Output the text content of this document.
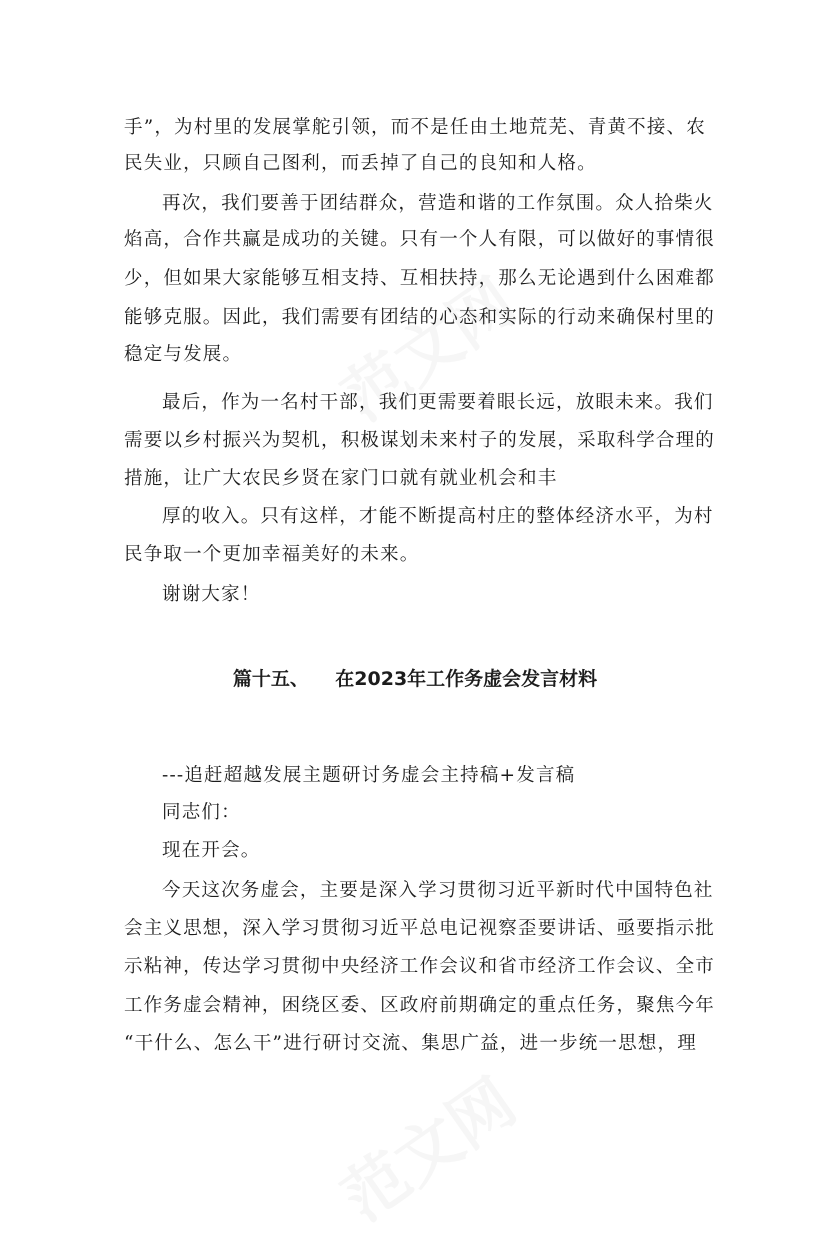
手”，为村里的发展掌舵引领，而不是任由土地荒芜、青黄不接、农
民失业，只顾自己图利，而丢掉了自己的良知和人格。
再次，我们要善于团结群众，营造和谐的工作氛围。众人拾柴火
焰高，合作共赢是成功的关键。只有一个人有限，可以做好的事情很
少，但如果大家能够互相支持、互相扶持，那么无论遇到什么困难都
能够克服。因此，我们需要有团结的心态和实际的行动来确保村里的
稳定与发展。
最后，作为一名村干部，我们更需要着眼长远，放眼未来。我们
需要以乡村振兴为契机，积极谋划未来村子的发展，采取科学合理的
措施，让广大农民乡贤在家门口就有就业机会和丰
厚的收入。只有这样，才能不断提高村庄的整体经济水平，为村
民争取一个更加幸福美好的未来。
谢谢大家！
篇十五、    在2023年工作务虚会发言材料
---追赶超越发展主题研讨务虚会主持稿+发言稿
同志们：
现在开会。
今天这次务虚会，主要是深入学习贯彻习近平新时代中国特色社
会主义思想，深入学习贯彻习近平总电记视察歪要讲话、亟要指示批
示粘神，传达学习贯彻中央经济工作会议和省市经济工作会议、全市
工作务虚会精神，困绕区委、区政府前期确定的重点任务，聚焦今年
“干什么、怎么干”进行研讨交流、集思广益，进一步统一思想，理
